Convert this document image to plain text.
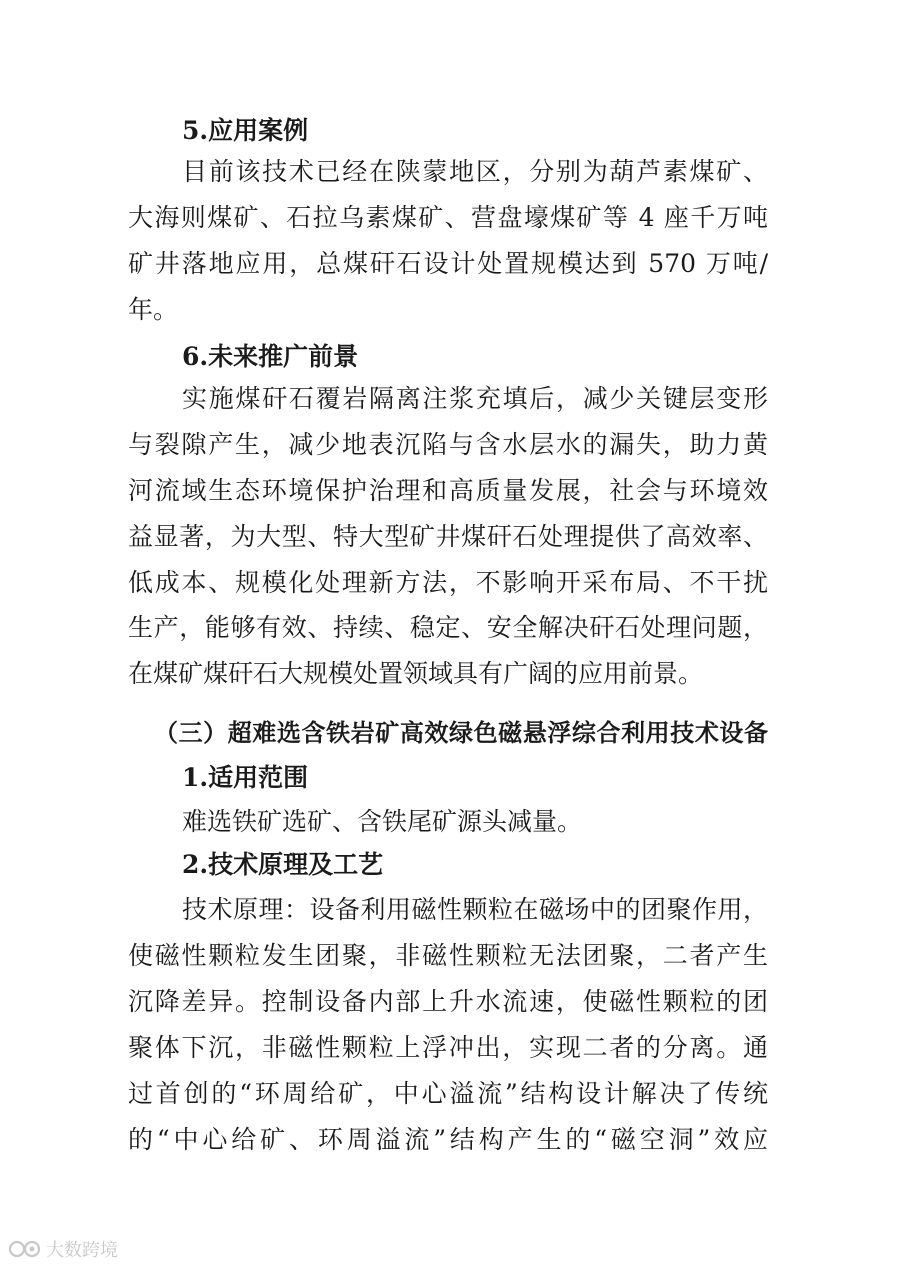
5.应用案例
目前该技术已经在陕蒙地区，分别为葫芦素煤矿、
大海则煤矿、石拉乌素煤矿、营盘壕煤矿等 4 座千万吨
矿井落地应用，总煤矸石设计处置规模达到 570 万吨/
年。
6.未来推广前景
实施煤矸石覆岩隔离注浆充填后，减少关键层变形
与裂隙产生，减少地表沉陷与含水层水的漏失，助力黄
河流域生态环境保护治理和高质量发展，社会与环境效
益显著，为大型、特大型矿井煤矸石处理提供了高效率、
低成本、规模化处理新方法，不影响开采布局、不干扰
生产，能够有效、持续、稳定、安全解决矸石处理问题，
在煤矿煤矸石大规模处置领域具有广阔的应用前景。
（三）超难选含铁岩矿高效绿色磁悬浮综合利用技术设备
1.适用范围
难选铁矿选矿、含铁尾矿源头减量。
2.技术原理及工艺
技术原理：设备利用磁性颗粒在磁场中的团聚作用，
使磁性颗粒发生团聚，非磁性颗粒无法团聚，二者产生
沉降差异。控制设备内部上升水流速，使磁性颗粒的团
聚体下沉，非磁性颗粒上浮冲出，实现二者的分离。通
过首创的“环周给矿，中心溢流”结构设计解决了传统
的“中心给矿、环周溢流”结构产生的“磁空洞”效应
大数跨境
